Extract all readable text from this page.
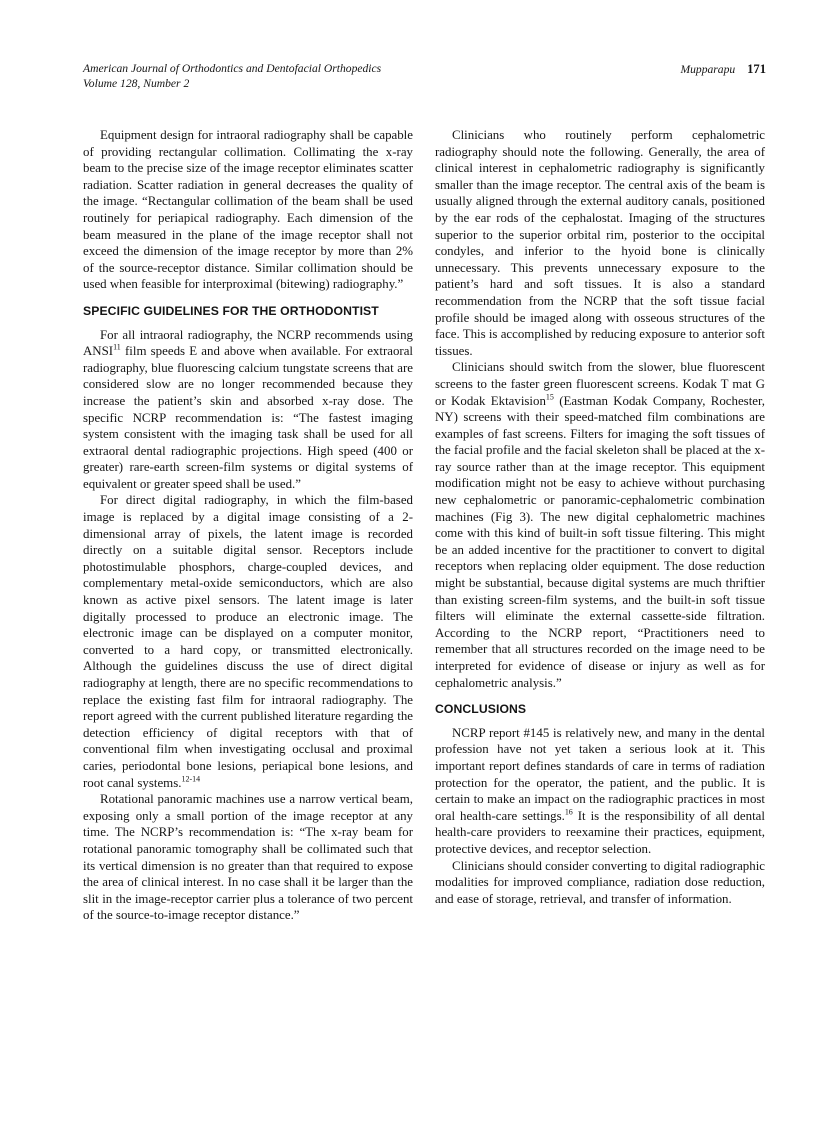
American Journal of Orthodontics and Dentofacial Orthopedics
Volume 128, Number 2
Mupparapu 171

Equipment design for intraoral radiography shall be capable of providing rectangular collimation. Collimating the x-ray beam to the precise size of the image receptor eliminates scatter radiation. Scatter radiation in general decreases the quality of the image. “Rectangular collimation of the beam shall be used routinely for periapical radiography. Each dimension of the beam measured in the plane of the image receptor shall not exceed the dimension of the image receptor by more than 2% of the source-receptor distance. Similar collimation should be used when feasible for interproximal (bitewing) radiography.”

SPECIFIC GUIDELINES FOR THE ORTHODONTIST

For all intraoral radiography, the NCRP recommends using ANSI$^{11}$ film speeds E and above when available. For extraoral radiography, blue fluorescing calcium tungstate screens that are considered slow are no longer recommended because they increase the patient’s skin and absorbed x-ray dose. The specific NCRP recommendation is: “The fastest imaging system consistent with the imaging task shall be used for all extraoral dental radiographic projections. High speed (400 or greater) rare-earth screen-film systems or digital systems of equivalent or greater speed shall be used.”

For direct digital radiography, in which the film-based image is replaced by a digital image consisting of a 2-dimensional array of pixels, the latent image is recorded directly on a suitable digital sensor. Receptors include photostimulable phosphors, charge-coupled devices, and complementary metal-oxide semiconductors, which are also known as active pixel sensors. The latent image is later digitally processed to produce an electronic image. The electronic image can be displayed on a computer monitor, converted to a hard copy, or transmitted electronically. Although the guidelines discuss the use of direct digital radiography at length, there are no specific recommendations to replace the existing fast film for intraoral radiography. The report agreed with the current published literature regarding the detection efficiency of digital receptors with that of conventional film when investigating occlusal and proximal caries, periodontal bone lesions, periapical bone lesions, and root canal systems.$^{12-14}$

Rotational panoramic machines use a narrow vertical beam, exposing only a small portion of the image receptor at any time. The NCRP’s recommendation is: “The x-ray beam for rotational panoramic tomography shall be collimated such that its vertical dimension is no greater than that required to expose the area of clinical interest. In no case shall it be larger than the slit in the image-receptor carrier plus a tolerance of two percent of the source-to-image receptor distance.”

Clinicians who routinely perform cephalometric radiography should note the following. Generally, the area of clinical interest in cephalometric radiography is significantly smaller than the image receptor. The central axis of the beam is usually aligned through the external auditory canals, positioned by the ear rods of the cephalostat. Imaging of the structures superior to the superior orbital rim, posterior to the occipital condyles, and inferior to the hyoid bone is clinically unnecessary. This prevents unnecessary exposure to the patient’s hard and soft tissues. It is also a standard recommendation from the NCRP that the soft tissue facial profile should be imaged along with osseous structures of the face. This is accomplished by reducing exposure to anterior soft tissues.

Clinicians should switch from the slower, blue fluorescent screens to the faster green fluorescent screens. Kodak T mat G or Kodak Ektavision$^{15}$ (Eastman Kodak Company, Rochester, NY) screens with their speed-matched film combinations are examples of fast screens. Filters for imaging the soft tissues of the facial profile and the facial skeleton shall be placed at the x-ray source rather than at the image receptor. This equipment modification might not be easy to achieve without purchasing new cephalometric or panoramic-cephalometric combination machines (Fig 3). The new digital cephalometric machines come with this kind of built-in soft tissue filtering. This might be an added incentive for the practitioner to convert to digital receptors when replacing older equipment. The dose reduction might be substantial, because digital systems are much thriftier than existing screen-film systems, and the built-in soft tissue filters will eliminate the external cassette-side filtration. According to the NCRP report, “Practitioners need to remember that all structures recorded on the image need to be interpreted for evidence of disease or injury as well as for cephalometric analysis.”

CONCLUSIONS

NCRP report #145 is relatively new, and many in the dental profession have not yet taken a serious look at it. This important report defines standards of care in terms of radiation protection for the operator, the patient, and the public. It is certain to make an impact on the radiographic practices in most oral health-care settings.$^{16}$ It is the responsibility of all dental health-care providers to reexamine their practices, equipment, protective devices, and receptor selection.

Clinicians should consider converting to digital radiographic modalities for improved compliance, radiation dose reduction, and ease of storage, retrieval, and transfer of information.
